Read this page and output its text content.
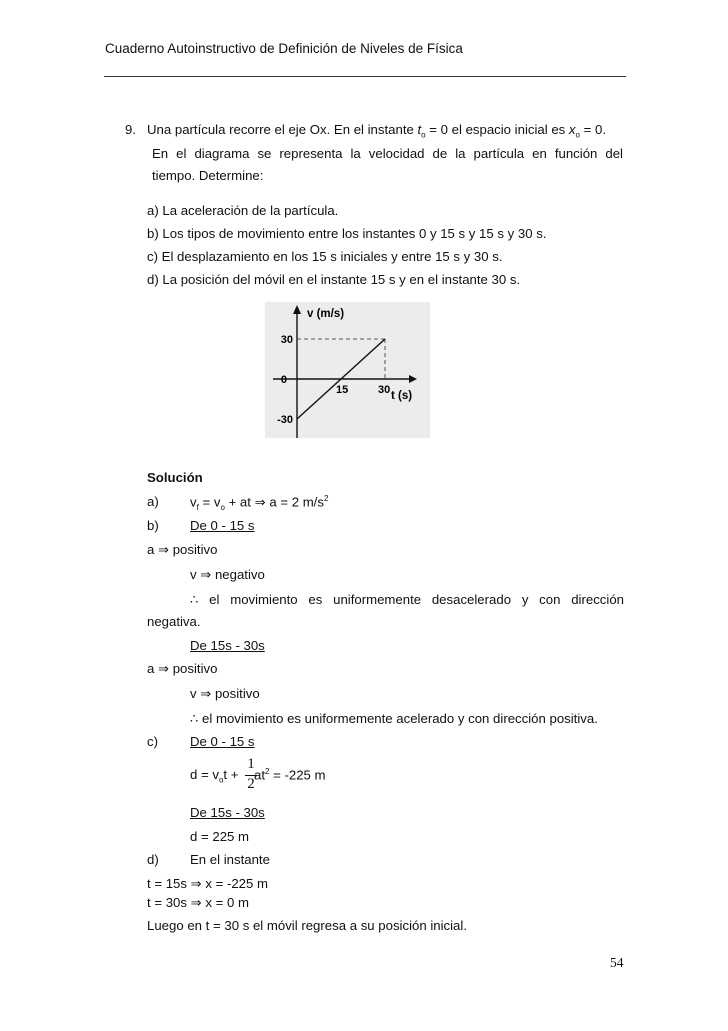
Cuaderno Autoinstructivo de Definición de Niveles de Física
9. Una partícula recorre el eje Ox. En el instante $t_o = 0$ el espacio inicial es $x_o = 0$.
En el diagrama se representa la velocidad de la partícula en función del
tiempo. Determine:
a) La aceleración de la partícula.
b) Los tipos de movimiento entre los instantes 0 y 15 s y 15 s y 30 s.
c) El desplazamiento en los 15 s iniciales y entre 15 s y 30 s.
d) La posición del móvil en el instante 15 s y en el instante 30 s.
v (m/s)
t (s)
15	30
30
0
-30
Solución
a) $v_f = v_o$ + at ⇒ a = 2 $m/s^2$
b) De 0 - 15 s
a ⇒ positivo
v ⇒ negativo
∴ el movimiento es uniformemente desacelerado y con dirección
negativa.
De 15s - 30s
a ⇒ positivo
v ⇒ positivo
∴ el movimiento es uniformemente acelerado y con dirección positiva.
c) De 0 - 15 s
$d = v_ot$ +
1
2
$at^2 = -225$ m
De 15s - 30s
d = 225 m
d) En el instante
t = 15s ⇒ x = -225 m
t = 30s ⇒ x = 0 m
Luego en t = 30 s el móvil regresa a su posición inicial.
54
